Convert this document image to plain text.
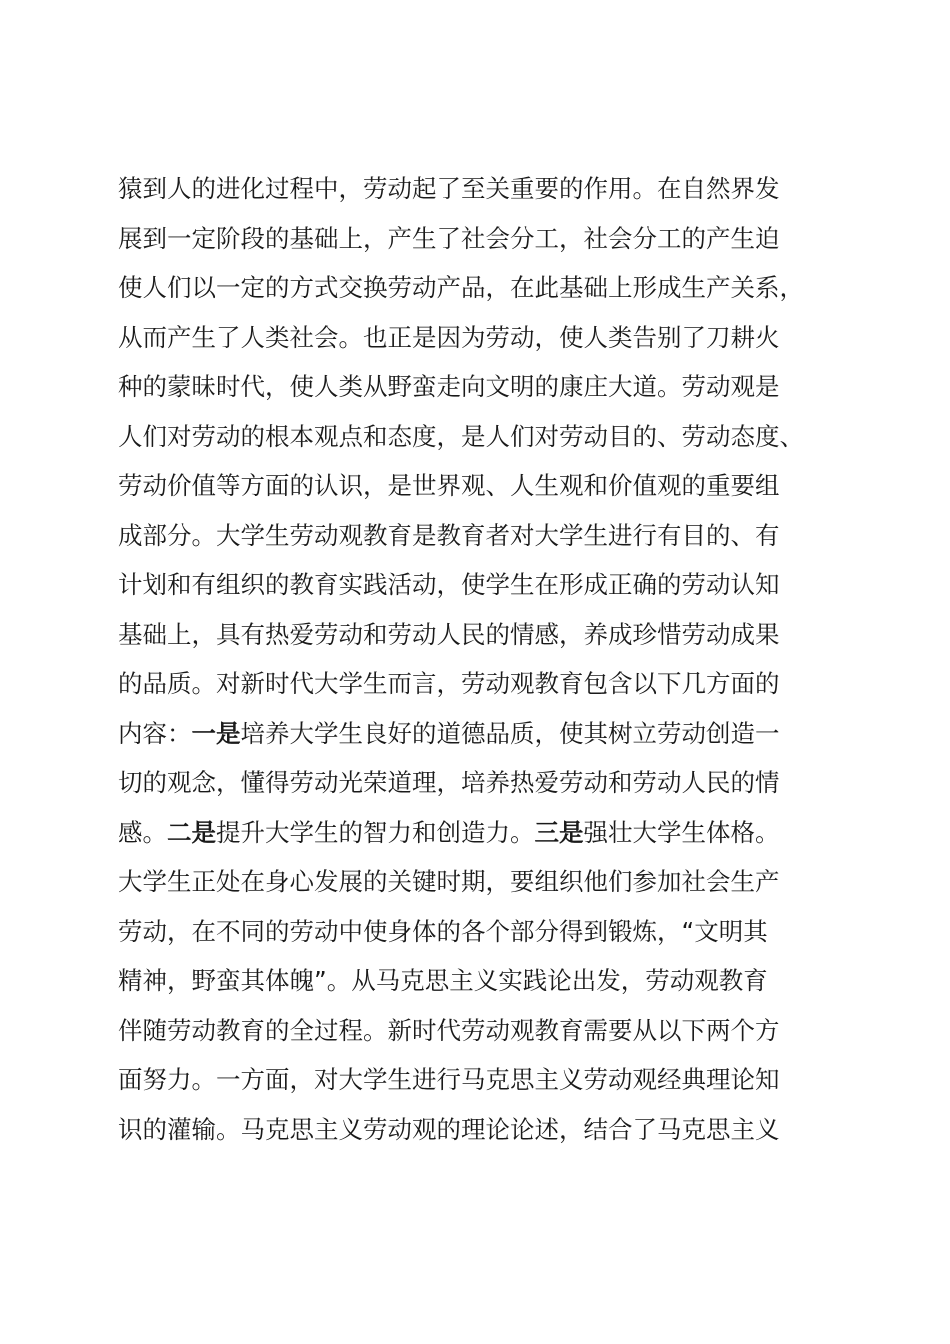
猿到人的进化过程中，劳动起了至关重要的作用。在自然界发
展到一定阶段的基础上，产生了社会分工，社会分工的产生迫
使人们以一定的方式交换劳动产品，在此基础上形成生产关系，
从而产生了人类社会。也正是因为劳动，使人类告别了刀耕火
种的蒙昧时代，使人类从野蛮走向文明的康庄大道。劳动观是
人们对劳动的根本观点和态度，是人们对劳动目的、劳动态度、
劳动价值等方面的认识，是世界观、人生观和价值观的重要组
成部分。大学生劳动观教育是教育者对大学生进行有目的、有
计划和有组织的教育实践活动，使学生在形成正确的劳动认知
基础上，具有热爱劳动和劳动人民的情感，养成珍惜劳动成果
的品质。对新时代大学生而言，劳动观教育包含以下几方面的
内容：一是培养大学生良好的道德品质，使其树立劳动创造一
切的观念，懂得劳动光荣道理，培养热爱劳动和劳动人民的情
感。二是提升大学生的智力和创造力。三是强壮大学生体格。
大学生正处在身心发展的关键时期，要组织他们参加社会生产
劳动，在不同的劳动中使身体的各个部分得到锻炼，“文明其
精神，野蛮其体魄”。从马克思主义实践论出发，劳动观教育
伴随劳动教育的全过程。新时代劳动观教育需要从以下两个方
面努力。一方面，对大学生进行马克思主义劳动观经典理论知
识的灌输。马克思主义劳动观的理论论述，结合了马克思主义
